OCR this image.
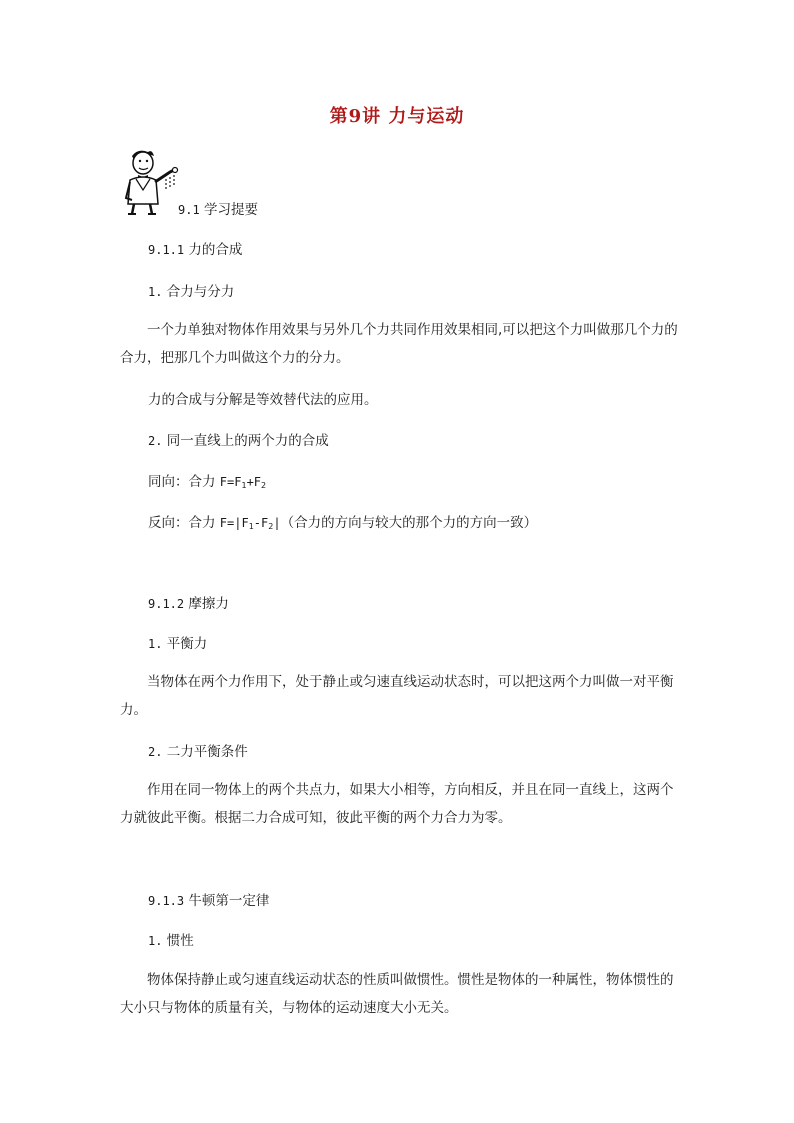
第9讲 力与运动
9.1 学习提要
9.1.1 力的合成
1. 合力与分力
一个力单独对物体作用效果与另外几个力共同作用效果相同,可以把这个力叫做那几个力的合力，把那几个力叫做这个力的分力。
力的合成与分解是等效替代法的应用。
2. 同一直线上的两个力的合成
同向：合力 $F=F_1+F_2$
反向：合力 $F=|F_1-F_2|$（合力的方向与较大的那个力的方向一致）
9.1.2 摩擦力
1. 平衡力
当物体在两个力作用下，处于静止或匀速直线运动状态时，可以把这两个力叫做一对平衡力。
2. 二力平衡条件
作用在同一物体上的两个共点力，如果大小相等，方向相反，并且在同一直线上，这两个力就彼此平衡。根据二力合成可知，彼此平衡的两个力合力为零。
9.1.3 牛顿第一定律
1. 惯性
物体保持静止或匀速直线运动状态的性质叫做惯性。惯性是物体的一种属性，物体惯性的大小只与物体的质量有关，与物体的运动速度大小无关。
